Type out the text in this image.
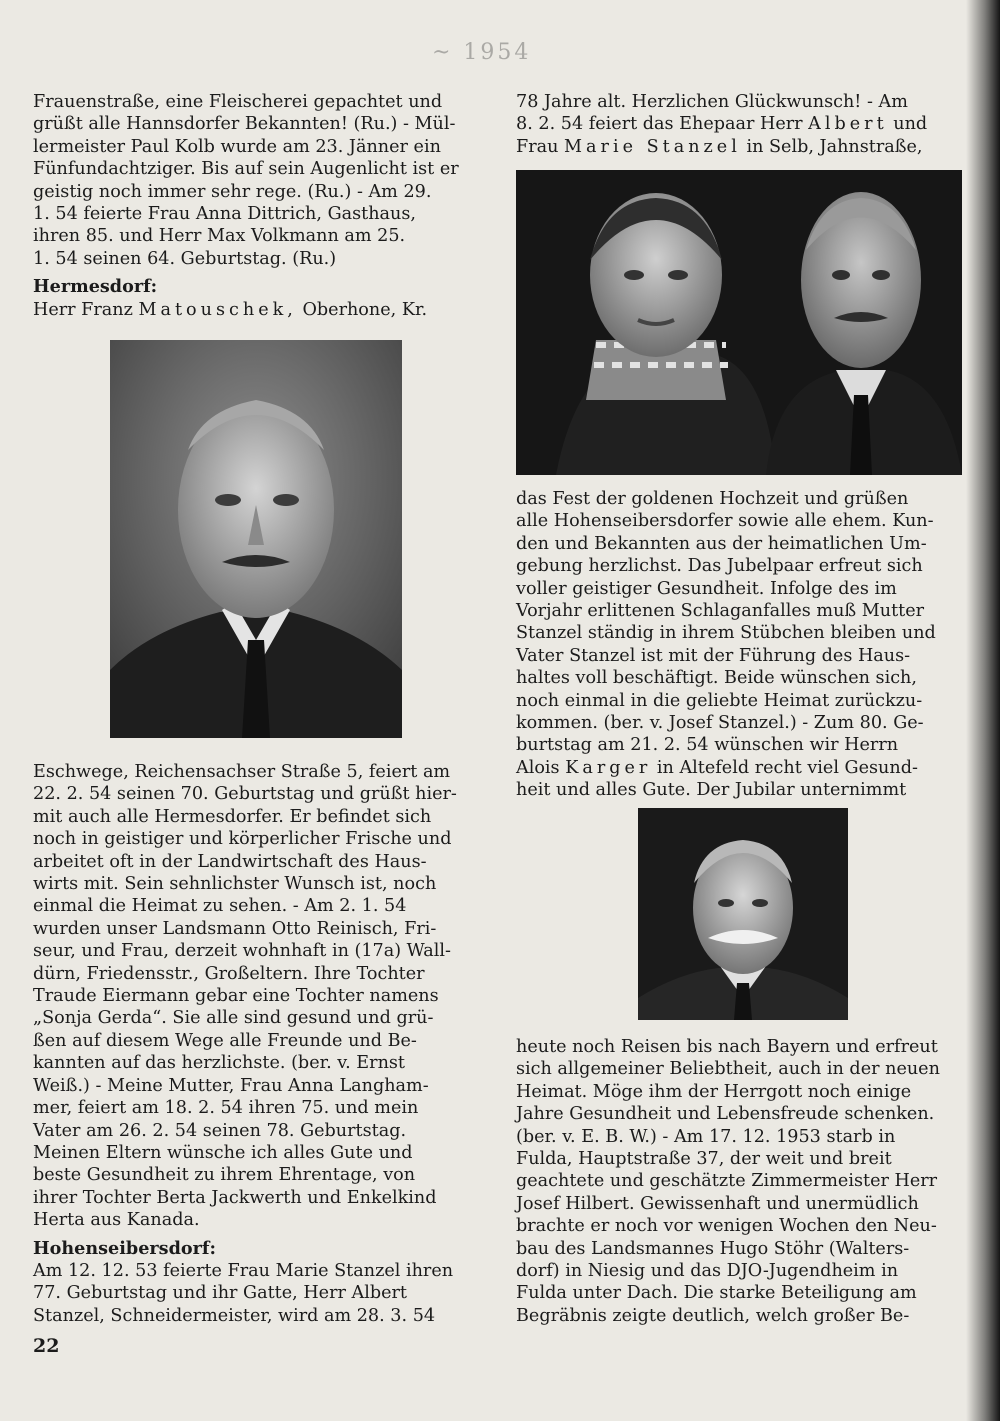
~ 1954

Frauenstraße, eine Fleischerei gepachtet und

grüßt alle Hannsdorfer Bekannten! (Ru.) - Mül-

lermeister Paul Kolb wurde am 23. Jänner ein

Fünfundachtziger. Bis auf sein Augenlicht ist er

geistig noch immer sehr rege. (Ru.) - Am 29.

1. 54 feierte Frau Anna Dittrich, Gasthaus,

ihren 85. und Herr Max Volkmann am 25.

1. 54 seinen 64. Geburtstag. (Ru.)

Hermesdorf:

Herr Franz Matouschek, Oberhone, Kr.

Eschwege, Reichensachser Straße 5, feiert am

22. 2. 54 seinen 70. Geburtstag und grüßt hier-

mit auch alle Hermesdorfer. Er befindet sich

noch in geistiger und körperlicher Frische und

arbeitet oft in der Landwirtschaft des Haus-

wirts mit. Sein sehnlichster Wunsch ist, noch

einmal die Heimat zu sehen. - Am 2. 1. 54

wurden unser Landsmann Otto Reinisch, Fri-

seur, und Frau, derzeit wohnhaft in (17a) Wall-

dürn, Friedensstr., Großeltern. Ihre Tochter

Traude Eiermann gebar eine Tochter namens

„Sonja Gerda“. Sie alle sind gesund und grü-

ßen auf diesem Wege alle Freunde und Be-

kannten auf das herzlichste. (ber. v. Ernst

Weiß.) - Meine Mutter, Frau Anna Langham-

mer, feiert am 18. 2. 54 ihren 75. und mein

Vater am 26. 2. 54 seinen 78. Geburtstag.

Meinen Eltern wünsche ich alles Gute und

beste Gesundheit zu ihrem Ehrentage, von

ihrer Tochter Berta Jackwerth und Enkelkind

Herta aus Kanada.

Hohenseibersdorf:

Am 12. 12. 53 feierte Frau Marie Stanzel ihren

77. Geburtstag und ihr Gatte, Herr Albert

Stanzel, Schneidermeister, wird am 28. 3. 54

22

78 Jahre alt. Herzlichen Glückwunsch! - Am

8. 2. 54 feiert das Ehepaar Herr Albert und

Frau Marie Stanzel in Selb, Jahnstraße,

das Fest der goldenen Hochzeit und grüßen

alle Hohenseibersdorfer sowie alle ehem. Kun-

den und Bekannten aus der heimatlichen Um-

gebung herzlichst. Das Jubelpaar erfreut sich

voller geistiger Gesundheit. Infolge des im

Vorjahr erlittenen Schlaganfalles muß Mutter

Stanzel ständig in ihrem Stübchen bleiben und

Vater Stanzel ist mit der Führung des Haus-

haltes voll beschäftigt. Beide wünschen sich,

noch einmal in die geliebte Heimat zurückzu-

kommen. (ber. v. Josef Stanzel.) - Zum 80. Ge-

burtstag am 21. 2. 54 wünschen wir Herrn

Alois Karger in Altefeld recht viel Gesund-

heit und alles Gute. Der Jubilar unternimmt

heute noch Reisen bis nach Bayern und erfreut

sich allgemeiner Beliebtheit, auch in der neuen

Heimat. Möge ihm der Herrgott noch einige

Jahre Gesundheit und Lebensfreude schenken.

(ber. v. E. B. W.) - Am 17. 12. 1953 starb in

Fulda, Hauptstraße 37, der weit und breit

geachtete und geschätzte Zimmermeister Herr

Josef Hilbert. Gewissenhaft und unermüdlich

brachte er noch vor wenigen Wochen den Neu-

bau des Landsmannes Hugo Stöhr (Walters-

dorf) in Niesig und das DJO-Jugendheim in

Fulda unter Dach. Die starke Beteiligung am

Begräbnis zeigte deutlich, welch großer Be-
